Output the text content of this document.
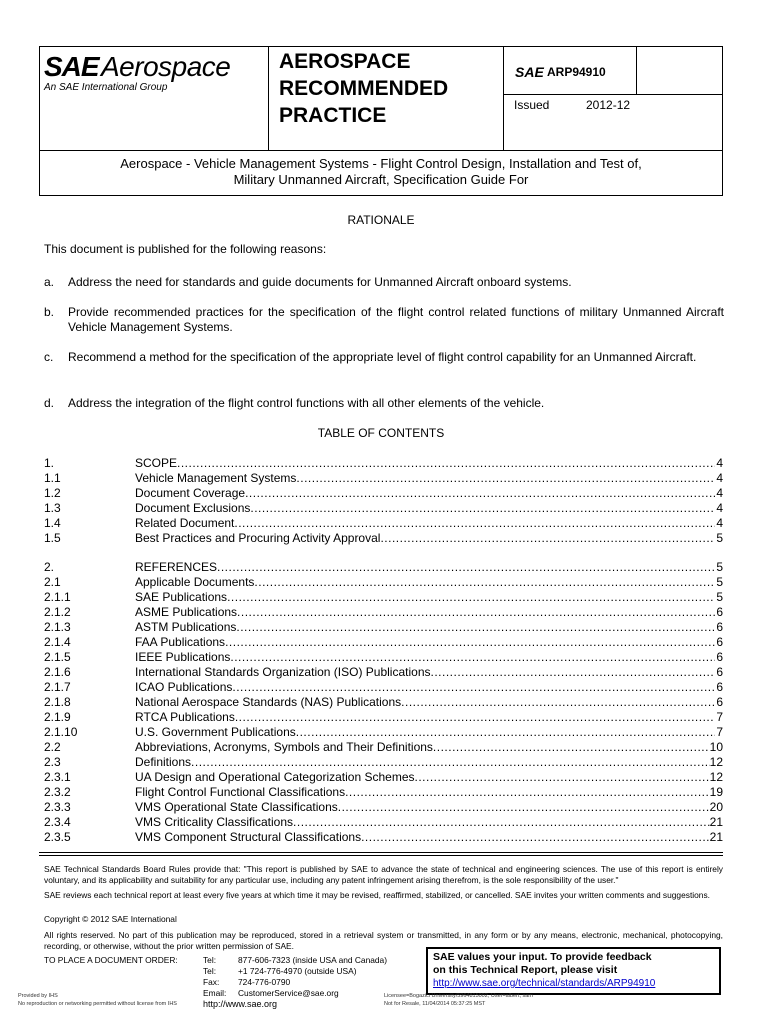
SAE Aerospace
An SAE International Group
AEROSPACE
RECOMMENDED
PRACTICE
SAE ARP94910
Issued	2012-12
Aerospace - Vehicle Management Systems - Flight Control Design, Installation and Test of,
Military Unmanned Aircraft, Specification Guide For
RATIONALE
This document is published for the following reasons:
a. Address the need for standards and guide documents for Unmanned Aircraft onboard systems.
b. Provide recommended practices for the specification of the flight control related functions of military Unmanned Aircraft Vehicle Management Systems.
c. Recommend a method for the specification of the appropriate level of flight control capability for an Unmanned Aircraft.
d. Address the integration of the flight control functions with all other elements of the vehicle.
TABLE OF CONTENTS
1.	SCOPE .....	4
1.1	Vehicle Management Systems .....	4
1.2	Document Coverage .....	4
1.3	Document Exclusions .....	4
1.4	Related Document .....	4
1.5	Best Practices and Procuring Activity Approval .....	5
2.	REFERENCES .....	5
2.1	Applicable Documents .....	5
2.1.1	SAE Publications .....	5
2.1.2	ASME Publications .....	6
2.1.3	ASTM Publications .....	6
2.1.4	FAA Publications .....	6
2.1.5	IEEE Publications .....	6
2.1.6	International Standards Organization (ISO) Publications .....	6
2.1.7	ICAO Publications .....	6
2.1.8	National Aerospace Standards (NAS) Publications .....	6
2.1.9	RTCA Publications .....	7
2.1.10	U.S. Government Publications .....	7
2.2	Abbreviations, Acronyms, Symbols and Their Definitions .....	10
2.3	Definitions .....	12
2.3.1	UA Design and Operational Categorization Schemes .....	12
2.3.2	Flight Control Functional Classifications .....	19
2.3.3	VMS Operational State Classifications .....	20
2.3.4	VMS Criticality Classifications .....	21
2.3.5	VMS Component Structural Classifications .....	21
SAE Technical Standards Board Rules provide that: "This report is published by SAE to advance the state of technical and engineering sciences. The use of this report is entirely voluntary, and its applicability and suitability for any particular use, including any patent infringement arising therefrom, is the sole responsibility of the user."
SAE reviews each technical report at least every five years at which time it may be revised, reaffirmed, stabilized, or cancelled. SAE invites your written comments and suggestions.
Copyright © 2012 SAE International
All rights reserved. No part of this publication may be reproduced, stored in a retrieval system or transmitted, in any form or by any means, electronic, mechanical, photocopying, recording, or otherwise, without the prior written permission of SAE.
TO PLACE A DOCUMENT ORDER:	Tel:	877-606-7323 (inside USA and Canada)
Tel:	+1 724-776-4970 (outside USA)
Fax: 724-776-0790
Email: CustomerService@sae.org
http://www.sae.org
SAE values your input. To provide feedback
on this Technical Report, please visit
http://www.sae.org/technical/standards/ARP94910
Provided by IHS
No reproduction or networking permitted without license from IHS
Licensee=Bogazici University/5964815002, User=albert, sam
Not for Resale, 11/04/2014 05:37:25 MST
